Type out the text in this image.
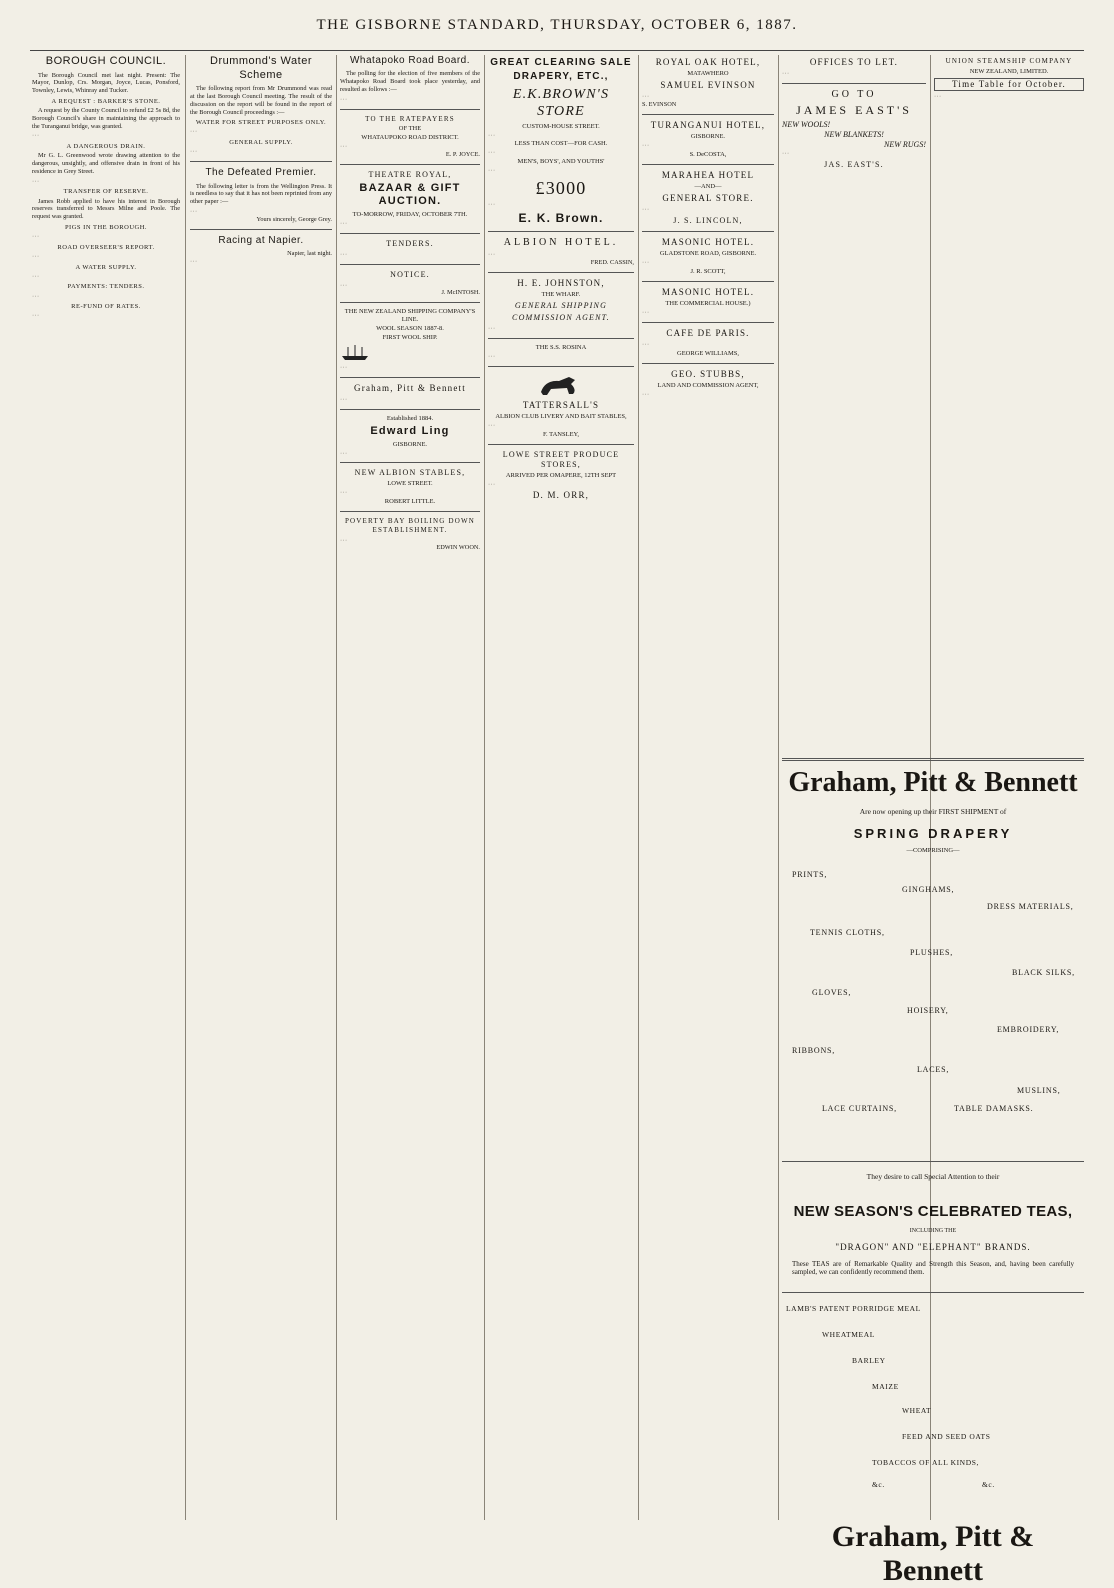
THE GISBORNE STANDARD, THURSDAY, OCTOBER 6, 1887.
BOROUGH COUNCIL.

The Borough Council met last night. Present: The Mayor, Dunlop, Crs. Morgan, Joyce, Lucas, Ponsford, Townley, Lewis, Whinray and Tucker.

A REQUEST : BARKER'S STONE.

A request by the County Council to refund £2 5s 8d, the Borough Council's share in maintaining the approach to the Turanganui bridge, was granted.

···
A DANGEROUS DRAIN.

Mr G. L. Greenwood wrote drawing attention to the dangerous, unsightly, and offensive drain in front of his residence in Grey Street.

···
TRANSFER OF RESERVE.

James Robb applied to have his interest in Borough reserves transferred to Messrs Milne and Poole. The request was granted.

PIGS IN THE BOROUGH.
···
ROAD OVERSEER'S REPORT.
···
A WATER SUPPLY.
···
PAYMENTS: TENDERS.
···
RE-FUND OF RATES.
···
Drummond's Water Scheme

The following report from Mr Drummond was read at the last Borough Council meeting. The result of the discussion on the report will be found in the report of the Borough Council proceedings :—

WATER FOR STREET PURPOSES ONLY.
···
GENERAL SUPPLY.
···
The Defeated Premier.

The following letter is from the Wellington Press. It is needless to say that it has not been reprinted from any other paper :—

···
Yours sincerely, George Grey.
Racing at Napier.
Napier, last night.
···
Whatapoko Road Board.

The polling for the election of five members of the Whatapoko Road Board took place yesterday, and resulted as follows :—

···
TO THE RATEPAYERS
OF THE
WHATAUPOKO ROAD DISTRICT.
···
E. P. JOYCE.
THEATRE ROYAL,
BAZAAR & GIFT AUCTION.
TO-MORROW, FRIDAY, OCTOBER 7TH.
···
TENDERS.
···
NOTICE.
···
J. McINTOSH.
THE NEW ZEALAND SHIPPING COMPANY'S LINE.
WOOL SEASON 1887-8.
FIRST WOOL SHIP.
···
Graham, Pitt & Bennett
···
Established 1884.
Edward Ling
GISBORNE.
···
NEW ALBION STABLES,
LOWE STREET.
···
ROBERT LITTLE.
POVERTY BAY BOILING DOWN ESTABLISHMENT.
···
EDWIN WOON.
GREAT CLEARING SALE
DRAPERY, ETC.,
E.K.BROWN'S STORE
CUSTOM-HOUSE STREET.
···
LESS THAN COST—FOR CASH.
···
MEN'S, BOYS', AND YOUTHS'
···
£3000
···
E. K. Brown.
ALBION HOTEL.
···
FRED. CASSIN,
H. E. JOHNSTON,
THE WHARF.
GENERAL SHIPPING
COMMISSION AGENT.
···
THE S.S. ROSINA
···
TATTERSALL'S
ALBION CLUB LIVERY AND BAIT STABLES,
···
F. TANSLEY,
LOWE STREET PRODUCE STORES,
ARRIVED PER OMAPERE, 12TH SEPT
···
D. M. ORR,
ROYAL OAK HOTEL,
MATAWHERO
SAMUEL EVINSON
···
S. EVINSON
TURANGANUI HOTEL,
GISBORNE.
···
S. DeCOSTA,
MARAHEA HOTEL
—AND—
GENERAL STORE.
···
J. S. LINCOLN,
MASONIC HOTEL.
GLADSTONE ROAD, GISBORNE.
···
J. R. SCOTT,
MASONIC HOTEL.
THE COMMERCIAL HOUSE.)
···
CAFE DE PARIS.
···
GEORGE WILLIAMS,
GEO. STUBBS,
LAND AND COMMISSION AGENT,
···
OFFICES TO LET.
···
GO TO
JAMES EAST'S
NEW WOOLS!
NEW BLANKETS!
NEW RUGS!
···
JAS. EAST'S.
UNION STEAMSHIP COMPANY
NEW ZEALAND, LIMITED.
Time Table for October.
···
Graham, Pitt & Bennett
Are now opening up their FIRST SHIPMENT of
SPRING DRAPERY
—COMPRISING—
PRINTS,
GINGHAMS,
DRESS MATERIALS,
TENNIS CLOTHS,
PLUSHES,
BLACK SILKS,
GLOVES,
HOISERY,
EMBROIDERY,
RIBBONS,
LACES,
MUSLINS,
LACE CURTAINS,	TABLE DAMASKS.
They desire to call Special Attention to their
NEW SEASON'S CELEBRATED TEAS,
INCLUDING THE
"DRAGON" AND "ELEPHANT" BRANDS.
These TEAS are of Remarkable Quality and Strength this Season, and, having been carefully sampled, we can confidently recommend them.
LAMB'S PATENT PORRIDGE MEAL
WHEATMEAL
BARLEY
MAIZE
WHEAT
FEED AND SEED OATS
TOBACCOS OF ALL KINDS,
&c.	&c.
Graham, Pitt & Bennett
